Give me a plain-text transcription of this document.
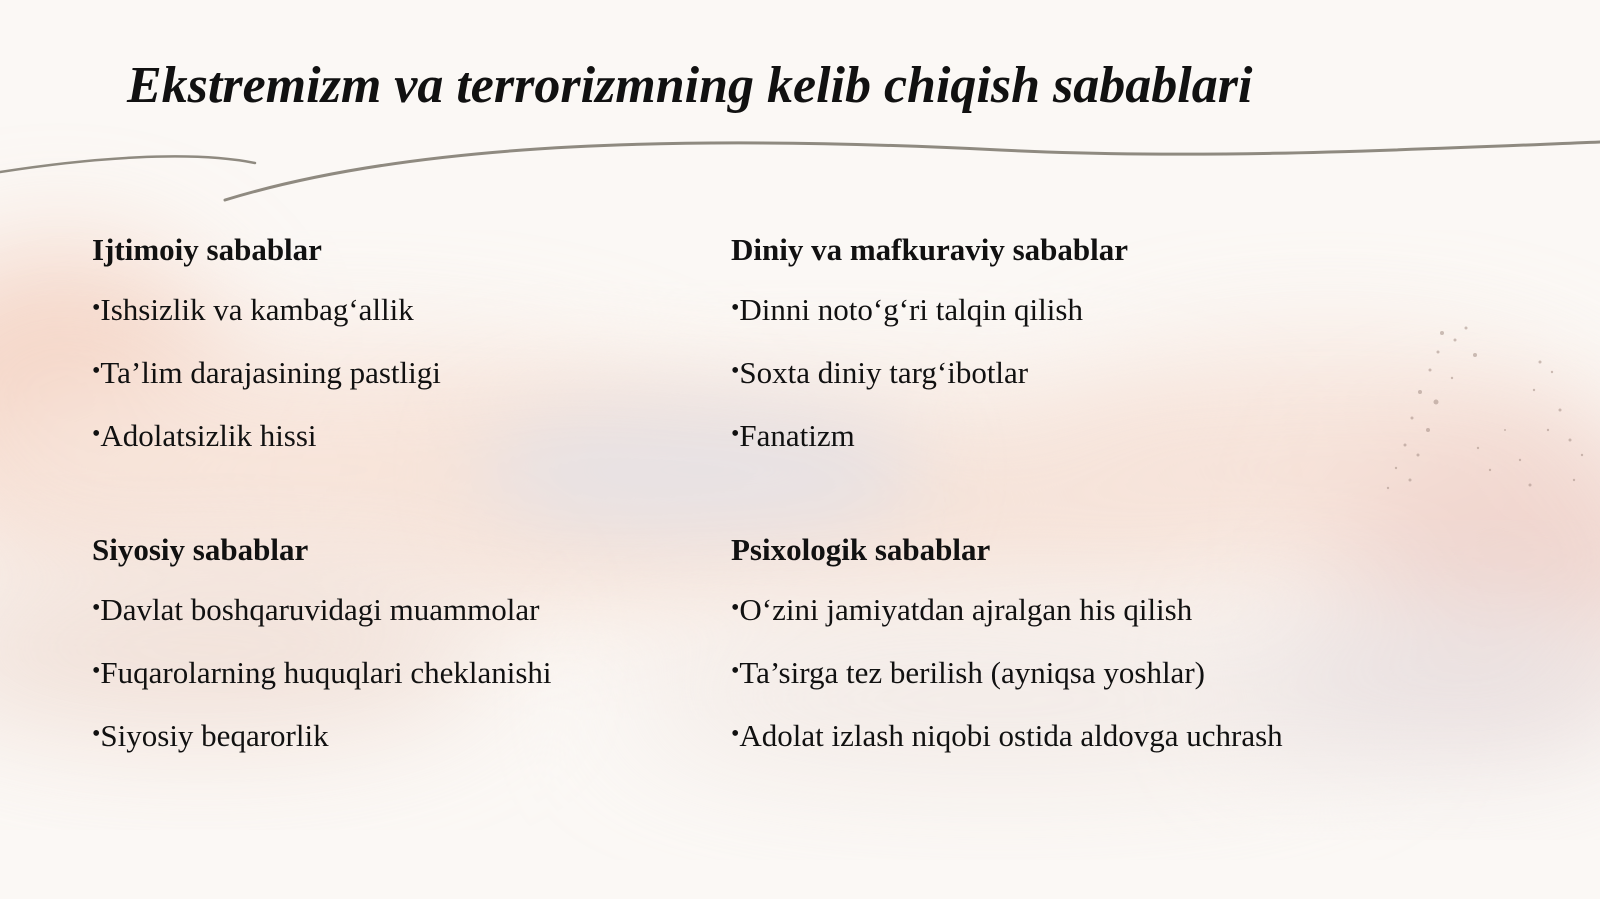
Ekstremizm va terrorizmning kelib chiqish sabablari
Ijtimoiy sabablar
•Ishsizlik va kambag‘allik
•Ta’lim darajasining pastligi
•Adolatsizlik hissi
Diniy va mafkuraviy sabablar
•Dinni noto‘g‘ri talqin qilish
•Soxta diniy targ‘ibotlar
•Fanatizm
Siyosiy sabablar
•Davlat boshqaruvidagi muammolar
•Fuqarolarning huquqlari cheklanishi
•Siyosiy beqarorlik
Psixologik sabablar
•O‘zini jamiyatdan ajralgan his qilish
•Ta’sirga tez berilish (ayniqsa yoshlar)
•Adolat izlash niqobi ostida aldovga uchrash
